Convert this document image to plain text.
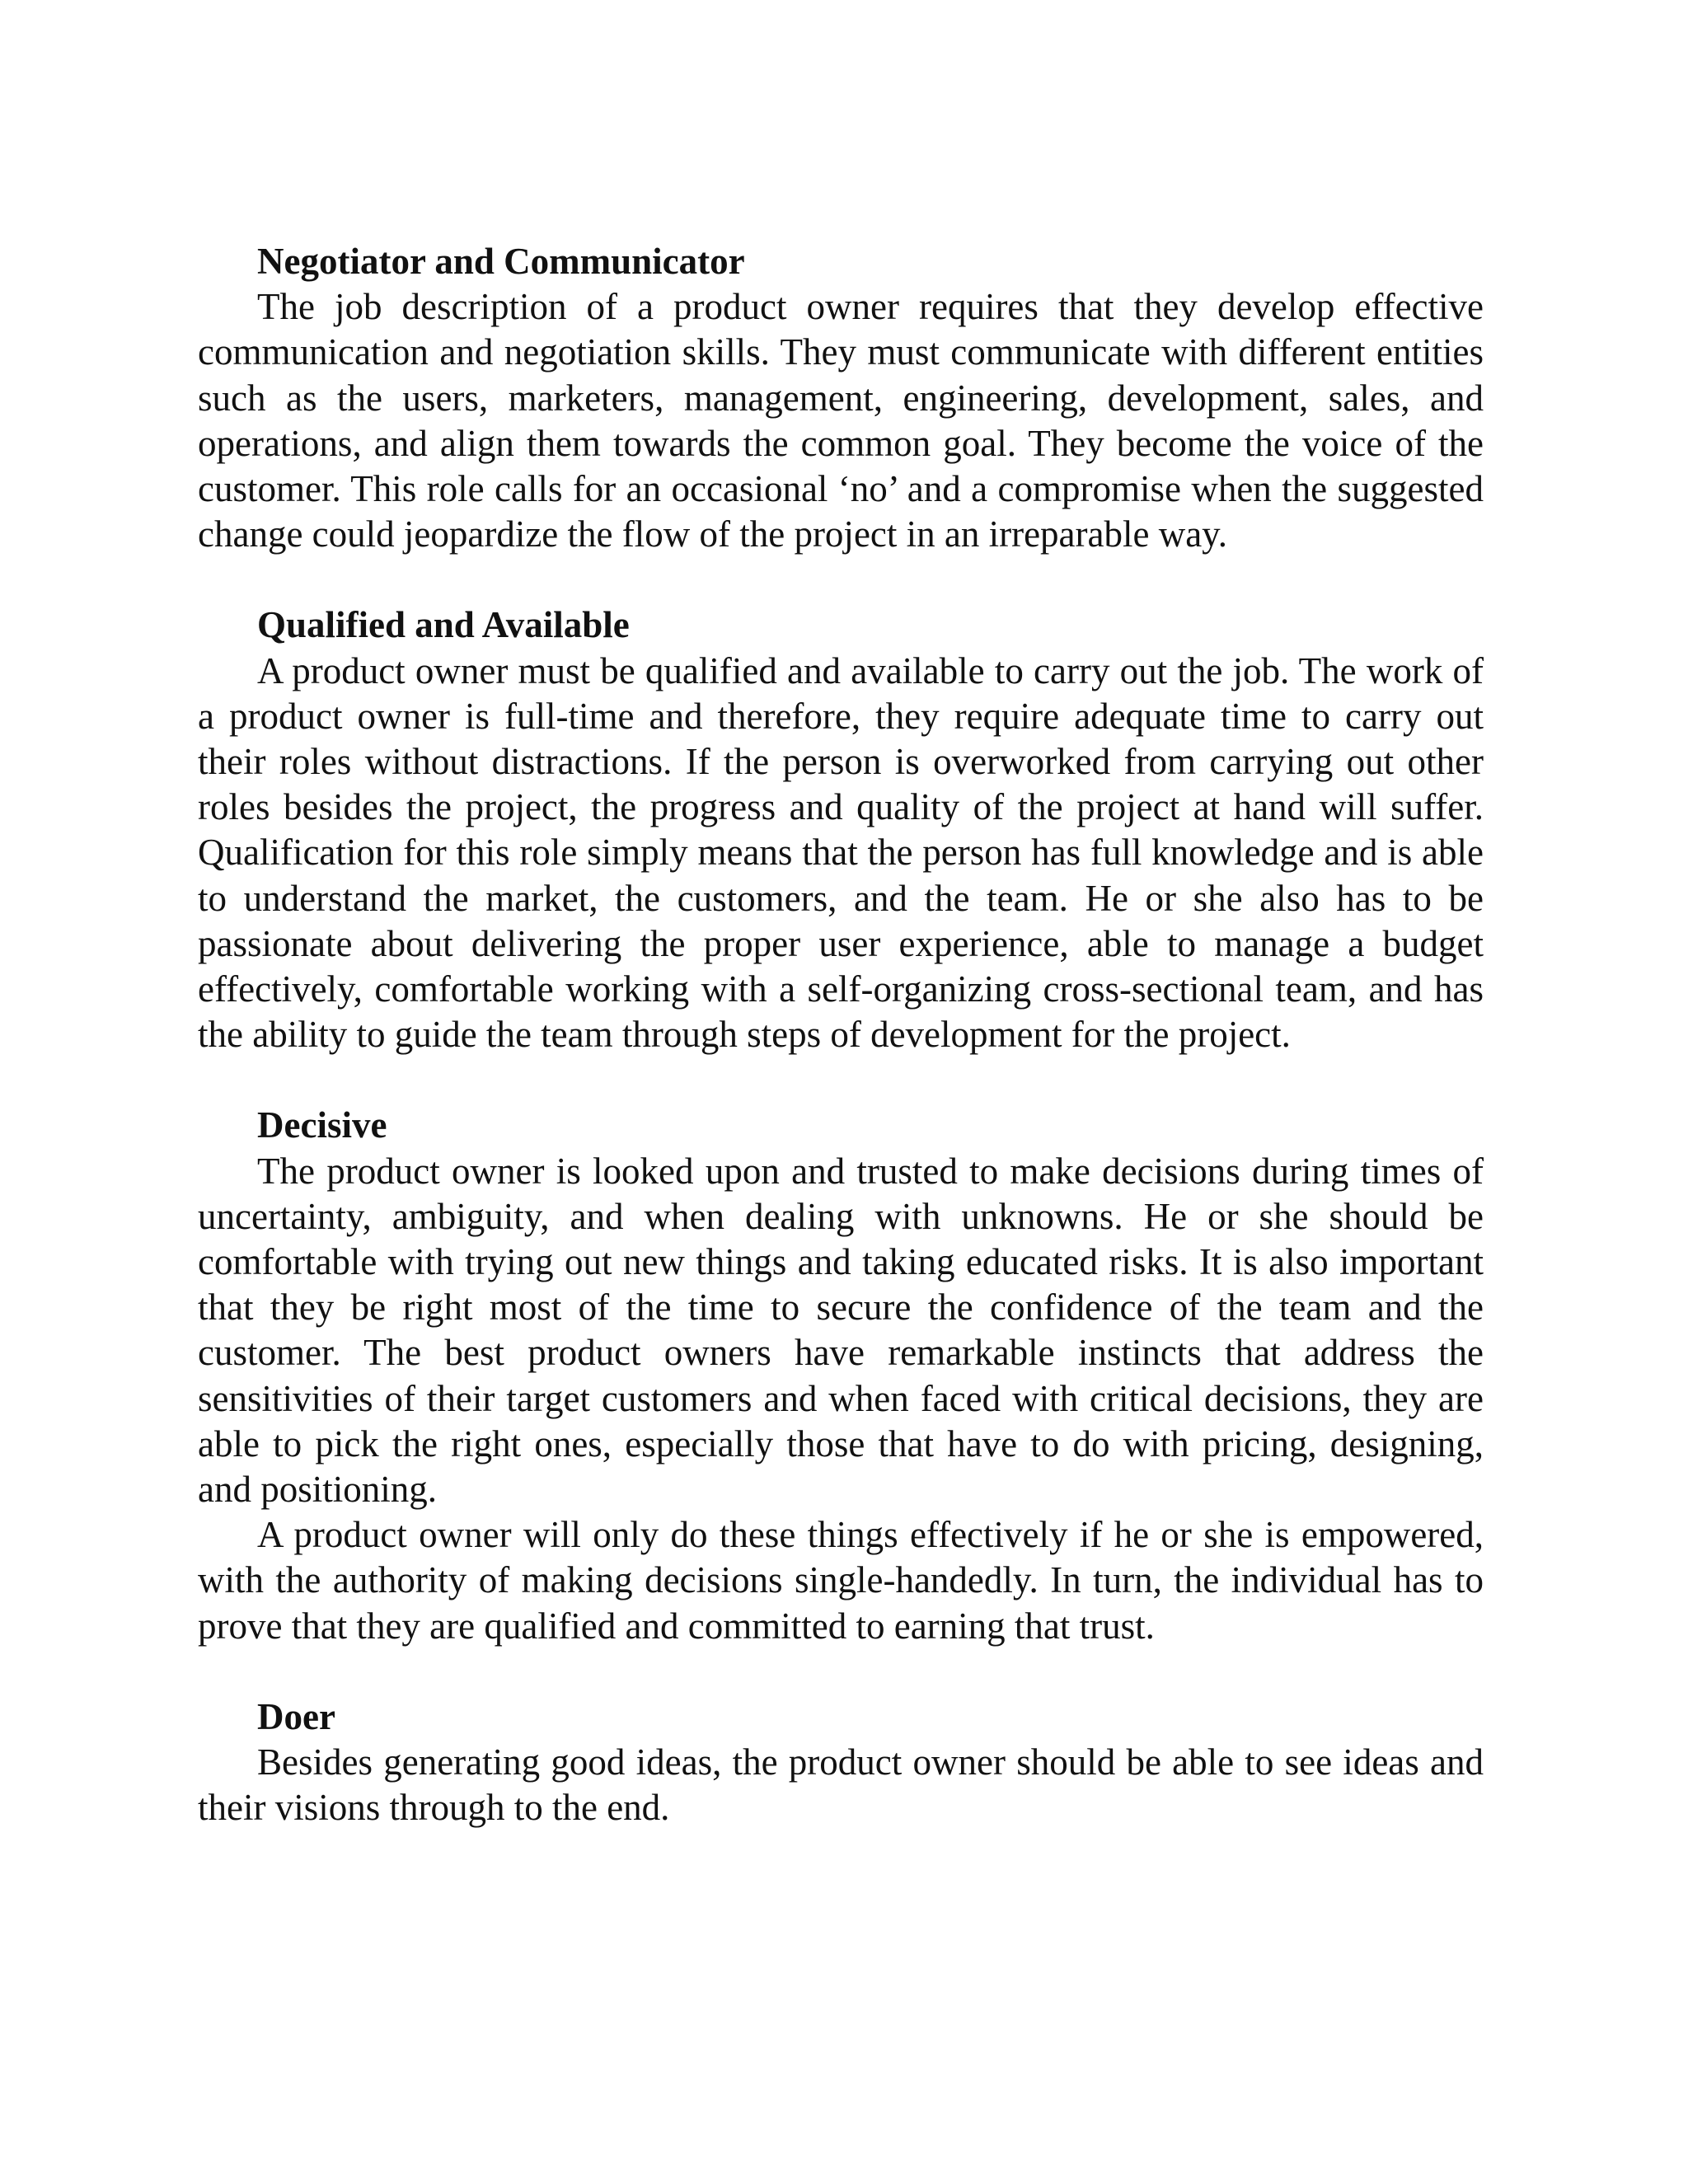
Negotiator and Communicator

The job description of a product owner requires that they develop effective communication and negotiation skills. They must communicate with different entities such as the users, marketers, management, engineering, development, sales, and operations, and align them towards the common goal. They become the voice of the customer. This role calls for an occasional ‘no’ and a compromise when the suggested change could jeopardize the flow of the project in an irreparable way.

Qualified and Available

A product owner must be qualified and available to carry out the job. The work of a product owner is full-time and therefore, they require adequate time to carry out their roles without distractions. If the person is overworked from carrying out other roles besides the project, the progress and quality of the project at hand will suffer. Qualification for this role simply means that the person has full knowledge and is able to understand the market, the customers, and the team. He or she also has to be passionate about delivering the proper user experience, able to manage a budget effectively, comfortable working with a self-organizing cross-sectional team, and has the ability to guide the team through steps of development for the project.

Decisive

The product owner is looked upon and trusted to make decisions during times of uncertainty, ambiguity, and when dealing with unknowns. He or she should be comfortable with trying out new things and taking educated risks. It is also important that they be right most of the time to secure the confidence of the team and the customer. The best product owners have remarkable instincts that address the sensitivities of their target customers and when faced with critical decisions, they are able to pick the right ones, especially those that have to do with pricing, designing, and positioning.

A product owner will only do these things effectively if he or she is empowered, with the authority of making decisions single-handedly. In turn, the individual has to prove that they are qualified and committed to earning that trust.

Doer

Besides generating good ideas, the product owner should be able to see ideas and their visions through to the end.
